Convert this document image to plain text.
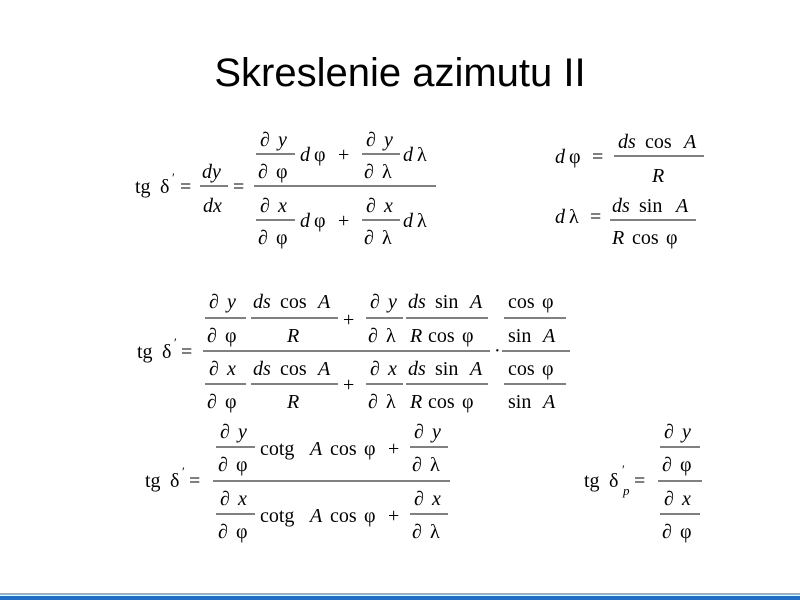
Skreslenie azimutu II
tg δ ′ =
dy
dx
=
∂ y
∂ φ
d φ +
∂ y
∂ λ
d λ
∂ x
∂ φ
d φ +
∂ x
∂ λ
d λ
d φ =
ds cos A
R
d λ = ds sin A
R cos φ
tg δ ′ =
∂ y
∂ φ
ds cos A
R
+
∂ y
∂ λ
ds sin A
R cos φ
∂ x
∂ φ
ds cos A
R
+
∂ x
∂ λ
ds sin A
R cos φ
·
cos φ
sin A
cos φ
sin A
tg δ ′ =
∂ y
∂ φ
cotg A cos φ +
∂ y
∂ λ
∂ x
∂ φ
cotg A cos φ +
∂ x
∂ λ
tg δ
′
p =
∂ y
∂ φ
∂ x
∂ φ
